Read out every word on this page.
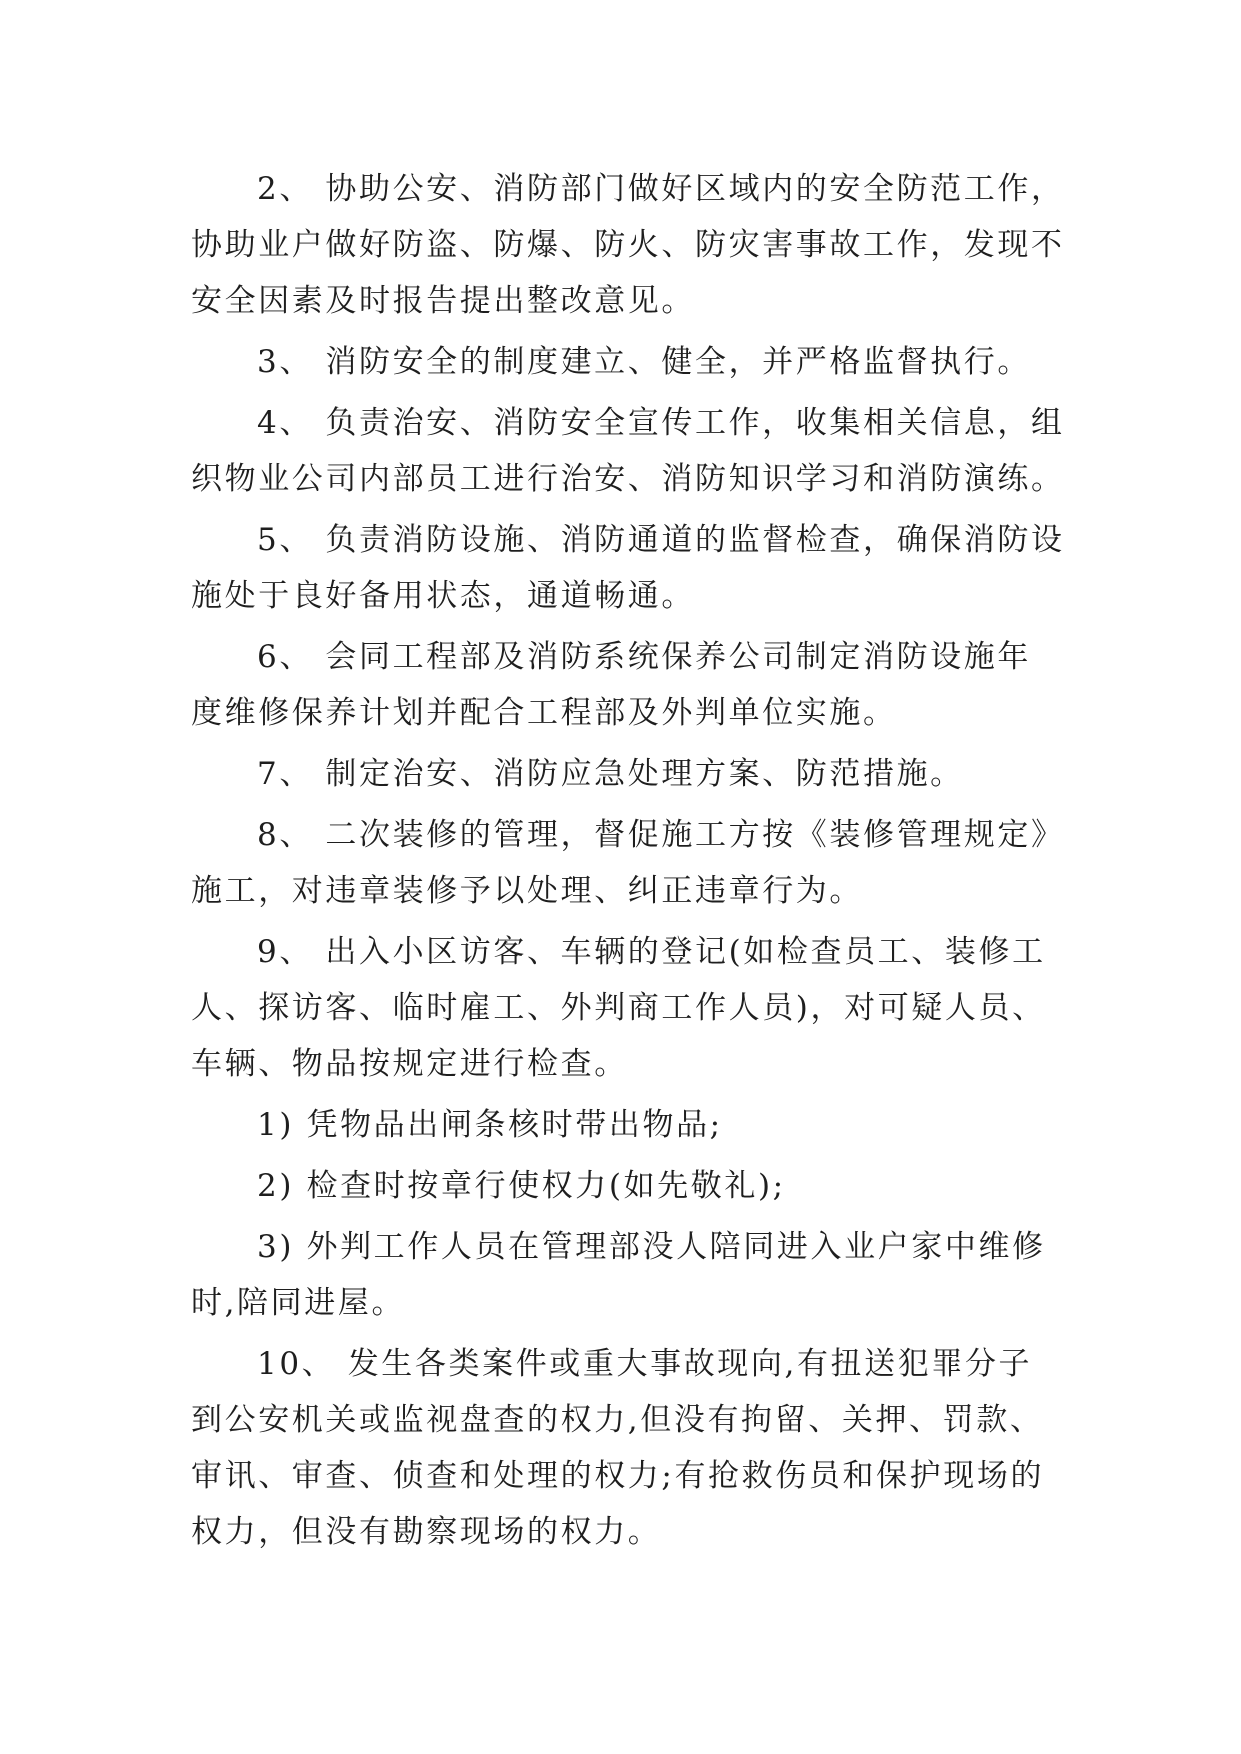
2、 协助公安、消防部门做好区域内的安全防范工作，
协助业户做好防盗、防爆、防火、防灾害事故工作，发现不
安全因素及时报告提出整改意见。
3、 消防安全的制度建立、健全，并严格监督执行。
4、 负责治安、消防安全宣传工作，收集相关信息，组
织物业公司内部员工进行治安、消防知识学习和消防演练。
5、 负责消防设施、消防通道的监督检查，确保消防设
施处于良好备用状态，通道畅通。
6、 会同工程部及消防系统保养公司制定消防设施年
度维修保养计划并配合工程部及外判单位实施。
7、 制定治安、消防应急处理方案、防范措施。
8、 二次装修的管理，督促施工方按《装修管理规定》
施工，对违章装修予以处理、纠正违章行为。
9、 出入小区访客、车辆的登记(如检查员工、装修工
人、探访客、临时雇工、外判商工作人员)，对可疑人员、
车辆、物品按规定进行检查。
1) 凭物品出闸条核时带出物品;
2) 检查时按章行使权力(如先敬礼);
3) 外判工作人员在管理部没人陪同进入业户家中维修
时,陪同进屋。
10、 发生各类案件或重大事故现向,有扭送犯罪分子
到公安机关或监视盘查的权力,但没有拘留、关押、罚款、
审讯、审查、侦查和处理的权力;有抢救伤员和保护现场的
权力，但没有勘察现场的权力。
